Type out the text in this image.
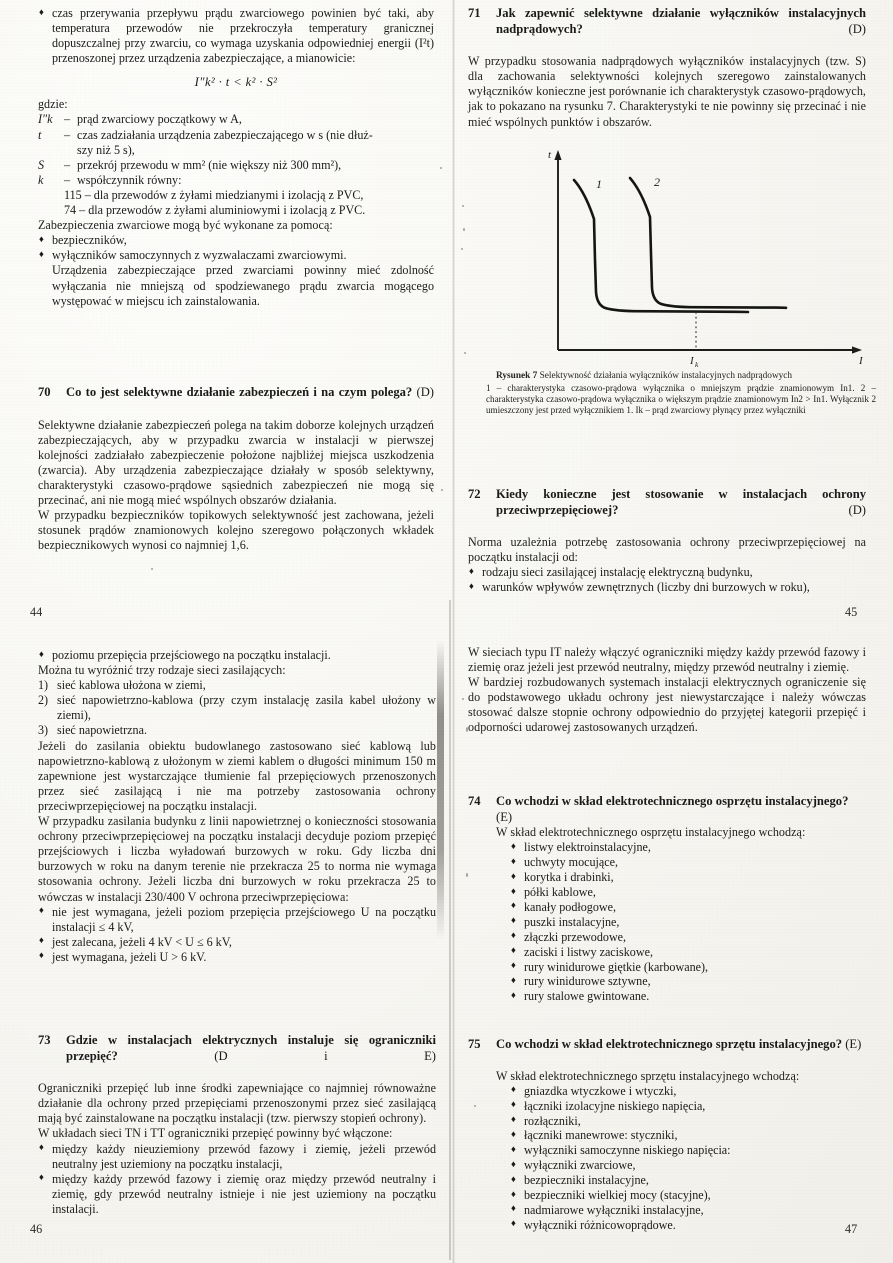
♦ czas przerywania przepływu prądu zwarciowego powinien być taki, aby temperatura przewodów nie przekroczyła temperatury granicznej dopuszczalnej przy zwarciu, co wymaga uzyskania odpowiedniej energii (I²t) przenoszonej przez urządzenia zabezpieczające, a mianowicie:
I"k² · t < k² · S²
gdzie:
I"k – prąd zwarciowy początkowy w A,
t	– czas zadziałania urządzenia zabezpieczającego w s (nie dłuż-
szy niż 5 s),
S	– przekrój przewodu w mm² (nie większy niż 300 mm²),
k	– współczynnik równy:
115 – dla przewodów z żyłami miedzianymi i izolacją z PVC,
74 – dla przewodów z żyłami aluminiowymi i izolacją z PVC.
Zabezpieczenia zwarciowe mogą być wykonane za pomocą:
♦ bezpieczników,
♦ wyłączników samoczynnych z wyzwalaczami zwarciowymi.
Urządzenia zabezpieczające przed zwarciami powinny mieć zdolność wyłączania nie mniejszą od spodziewanego prądu zwarcia mogącego występować w miejscu ich zainstalowania.
70	Co to jest selektywne działanie zabezpieczeń i na czym polega? (D)
Selektywne działanie zabezpieczeń polega na takim doborze kolejnych urządzeń zabezpieczających, aby w przypadku zwarcia w instalacji w pierwszej kolejności zadziałało zabezpieczenie położone najbliżej miejsca uszkodzenia (zwarcia). Aby urządzenia zabezpieczające działały w sposób selektywny, charakterystyki czasowo-prądowe sąsiednich zabezpieczeń nie mogą się przecinać, ani nie mogą mieć wspólnych obszarów działania.
W przypadku bezpieczników topikowych selektywność jest zachowana, jeżeli stosunek prądów znamionowych kolejno szeregowo połączonych wkładek bezpiecznikowych wynosi co najmniej 1,6.
44
♦ poziomu przepięcia przejściowego na początku instalacji.
Można tu wyróżnić trzy rodzaje sieci zasilających:
sieć kablowa ułożona w ziemi,
sieć napowietrzno-kablowa (przy czym instalację zasila kabel ułożony w ziemi),
sieć napowietrzna.
Jeżeli do zasilania obiektu budowlanego zastosowano sieć kablową lub napowietrzno-kablową z ułożonym w ziemi kablem o długości minimum 150 m zapewnione jest wystarczające tłumienie fal przepięciowych przenoszonych przez sieć zasilającą i nie ma potrzeby zastosowania ochrony przeciwprzepięciowej na początku instalacji.
W przypadku zasilania budynku z linii napowietrznej o konieczności stosowania ochrony przeciwprzepięciowej na początku instalacji decyduje poziom przepięć przejściowych i liczba wyładowań burzowych w roku. Gdy liczba dni burzowych w roku na danym terenie nie przekracza 25 to norma nie wymaga stosowania ochrony. Jeżeli liczba dni burzowych w roku przekracza 25 to wówczas w instalacji 230/400 V ochrona przeciwprzepięciowa:
♦ nie jest wymagana, jeżeli poziom przepięcia przejściowego U na początku instalacji ≤ 4 kV,
♦ jest zalecana, jeżeli 4 kV < U ≤ 6 kV,
♦ jest wymagana, jeżeli U > 6 kV.
73	Gdzie w instalacjach elektrycznych instaluje się ograniczniki przepięć?	(D i E)
Ograniczniki przepięć lub inne środki zapewniające co najmniej równoważne działanie dla ochrony przed przepięciami przenoszonymi przez sieć zasilającą mają być zainstalowane na początku instalacji (tzw. pierwszy stopień ochrony).
W układach sieci TN i TT ograniczniki przepięć powinny być włączone:
♦ między każdy nieuziemiony przewód fazowy i ziemię, jeżeli przewód neutralny jest uziemiony na początku instalacji,
♦ między każdy przewód fazowy i ziemię oraz między przewód neutralny i ziemię, gdy przewód neutralny istnieje i nie jest uziemiony na początku instalacji.
46
71	Jak zapewnić selektywne działanie wyłączników instalacyjnych nadprądowych?	(D)
W przypadku stosowania nadprądowych wyłączników instalacyjnych (tzw. S) dla zachowania selektywności kolejnych szeregowo zainstalowanych wyłączników konieczne jest porównanie ich charakterystyk czasowo-prądowych, jak to pokazano na rysunku 7. Charakterystyki te nie powinny się przecinać i nie mieć wspólnych punktów i obszarów.
t
I
I k
1	2
Rysunek 7 Selektywność działania wyłączników instalacyjnych nadprądowych
1 – charakterystyka czasowo-prądowa wyłącznika o mniejszym prądzie znamionowym In1. 2 – charakterystyka czasowo-prądowa wyłącznika o większym prądzie znamionowym In2 > In1. Wyłącznik 2 umieszczony jest przed wyłącznikiem 1. Ik – prąd zwarciowy płynący przez wyłączniki
72	Kiedy konieczne jest stosowanie w instalacjach ochrony przeciwprzepięciowej?	(D)
Norma uzależnia potrzebę zastosowania ochrony przeciwprzepięciowej na początku instalacji od:
♦ rodzaju sieci zasilającej instalację elektryczną budynku,
♦ warunków wpływów zewnętrznych (liczby dni burzowych w roku),
45
W sieciach typu IT należy włączyć ograniczniki między każdy przewód fazowy i ziemię oraz jeżeli jest przewód neutralny, między przewód neutralny i ziemię.
W bardziej rozbudowanych systemach instalacji elektrycznych ograniczenie się do podstawowego układu ochrony jest niewystarczające i należy wówczas stosować dalsze stopnie ochrony odpowiednio do przyjętej kategorii przepięć i odporności udarowej zastosowanych urządzeń.
74	Co wchodzi w skład elektrotechnicznego osprzętu instalacyjnego? (E)
W skład elektrotechnicznego osprzętu instalacyjnego wchodzą:
♦ listwy elektroinstalacyjne,
♦ uchwyty mocujące,
♦ korytka i drabinki,
♦ półki kablowe,
♦ kanały podłogowe,
♦ puszki instalacyjne,
♦ złączki przewodowe,
♦ zaciski i listwy zaciskowe,
♦ rury winidurowe giętkie (karbowane),
♦ rury winidurowe sztywne,
♦ rury stalowe gwintowane.
75	Co wchodzi w skład elektrotechnicznego sprzętu instalacyjnego? (E)
W skład elektrotechnicznego sprzętu instalacyjnego wchodzą:
♦ gniazdka wtyczkowe i wtyczki,
♦ łączniki izolacyjne niskiego napięcia,
♦ rozłączniki,
♦ łączniki manewrowe: styczniki,
♦ wyłączniki samoczynne niskiego napięcia:
♦ wyłączniki zwarciowe,
♦ bezpieczniki instalacyjne,
♦ bezpieczniki wielkiej mocy (stacyjne),
♦ nadmiarowe wyłączniki instalacyjne,
♦ wyłączniki różnicowoprądowe.	47
